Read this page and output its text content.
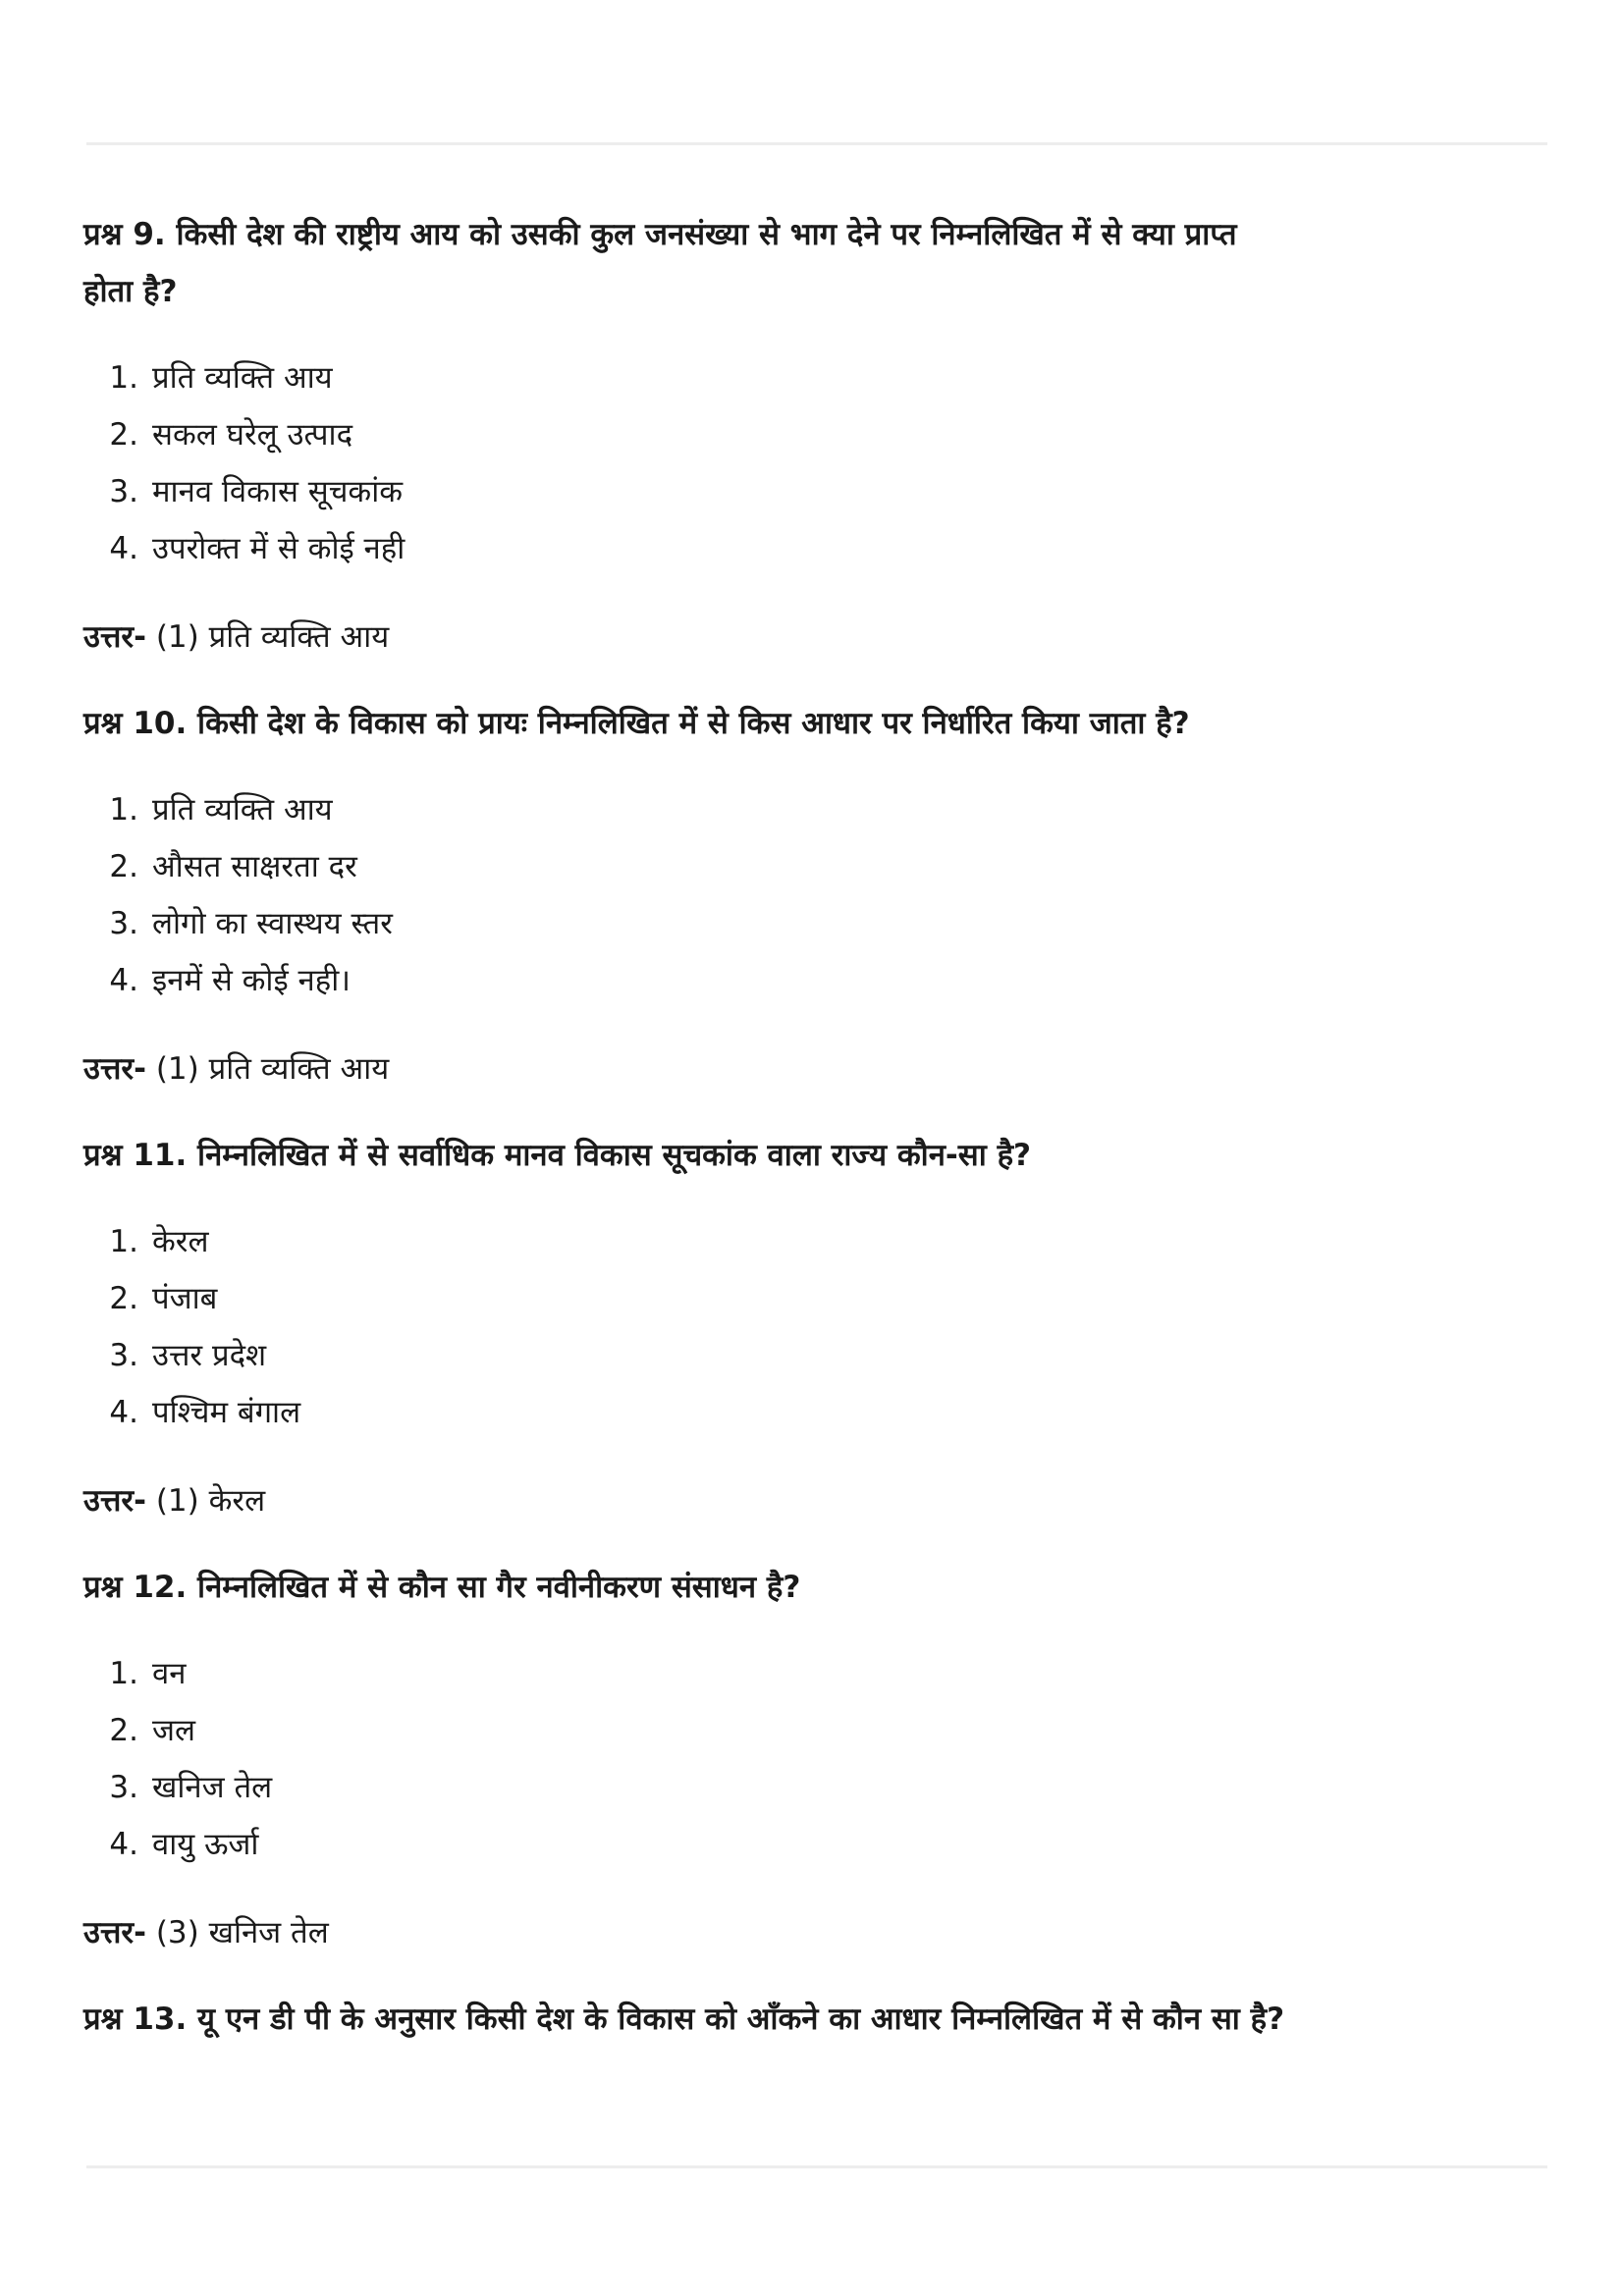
प्रश्न 9. किसी देश की राष्ट्रीय आय को उसकी कुल जनसंख्या से भाग देने पर निम्नलिखित में से क्या प्राप्त होता है?

1. प्रति व्यक्ति आय
2. सकल घरेलू उत्पाद
3. मानव विकास सूचकांक
4. उपरोक्त में से कोई नही

उत्तर- (1) प्रति व्यक्ति आय

प्रश्न 10. किसी देश के विकास को प्रायः निम्नलिखित में से किस आधार पर निर्धारित किया जाता है?

1. प्रति व्यक्ति आय
2. औसत साक्षरता दर
3. लोगो का स्वास्थय स्तर
4. इनमें से कोई नही।

उत्तर- (1) प्रति व्यक्ति आय

प्रश्न 11. निम्नलिखित में से सर्वाधिक मानव विकास सूचकांक वाला राज्य कौन-सा है?

1. केरल
2. पंजाब
3. उत्तर प्रदेश
4. पश्चिम बंगाल

उत्तर- (1) केरल

प्रश्न 12. निम्नलिखित में से कौन सा गैर नवीनीकरण संसाधन है?

1. वन
2. जल
3. खनिज तेल
4. वायु ऊर्जा

उत्तर- (3) खनिज तेल

प्रश्न 13. यू एन डी पी के अनुसार किसी देश के विकास को आँकने का आधार निम्नलिखित में से कौन सा है?
